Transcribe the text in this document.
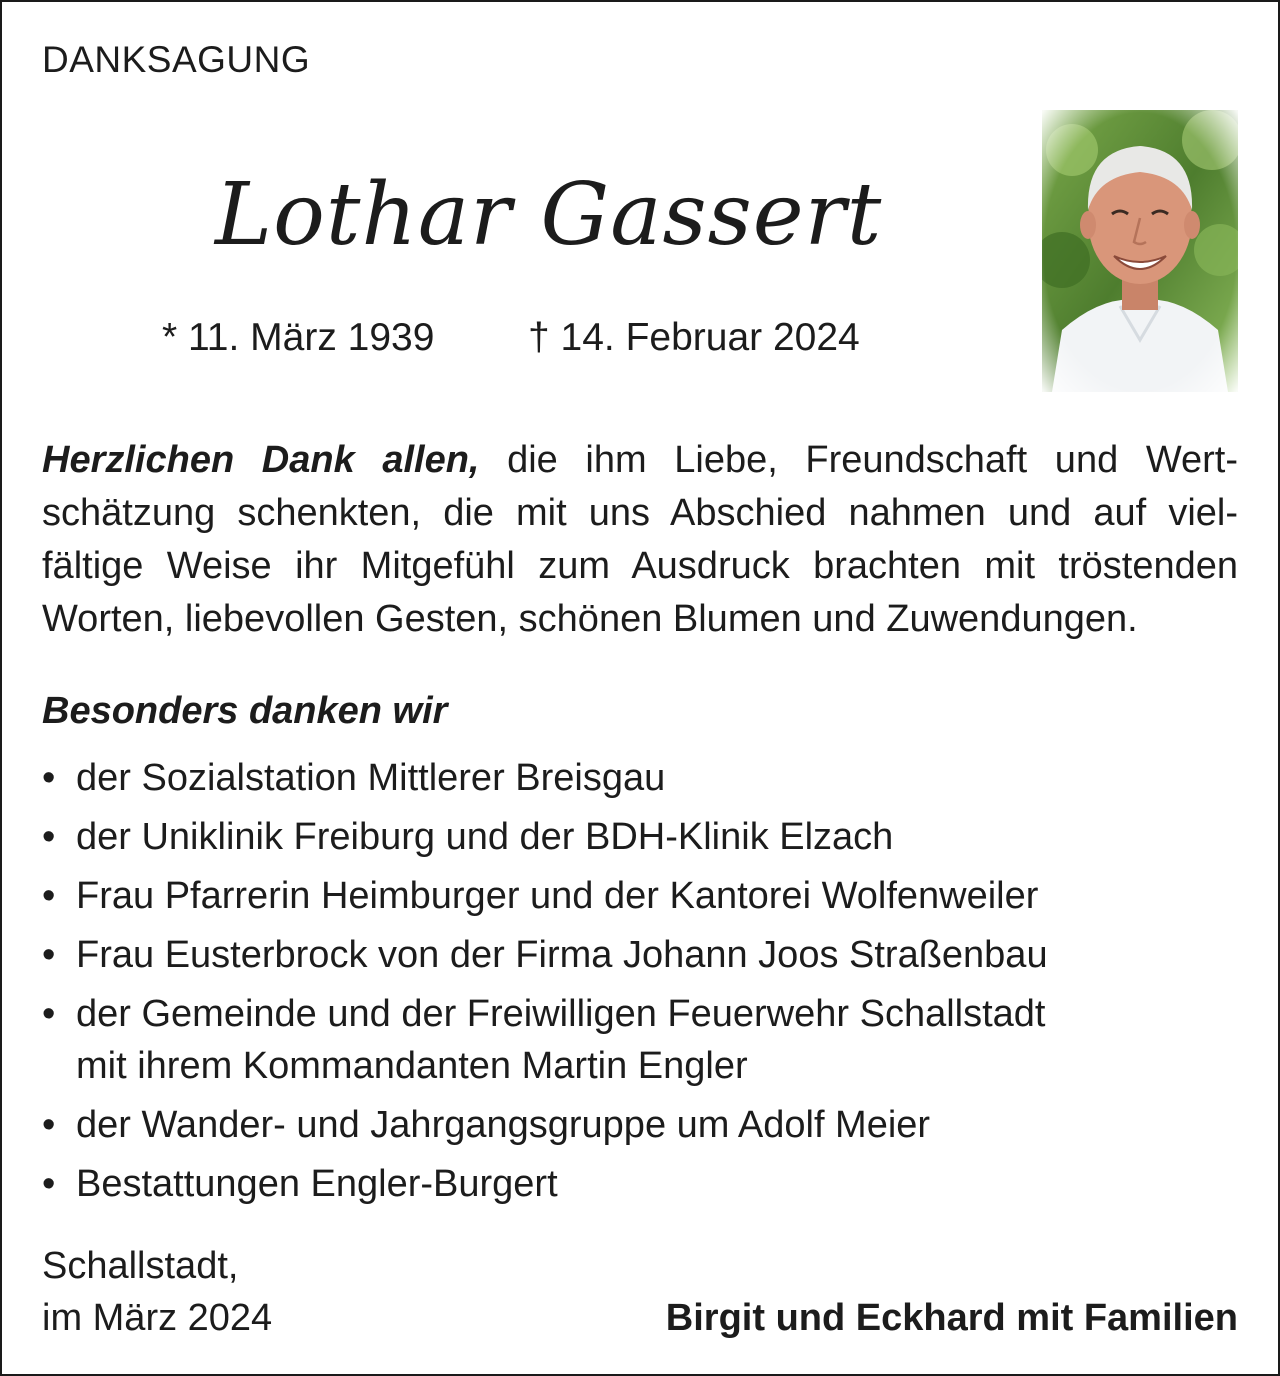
DANKSAGUNG
Lothar Gassert
* 11. März 1939 † 14. Februar 2024
Herzlichen Dank allen, die ihm Liebe, Freundschaft und Wert-
schätzung schenkten, die mit uns Abschied nahmen und auf viel-
fältige Weise ihr Mitgefühl zum Ausdruck brachten mit tröstenden
Worten, liebevollen Gesten, schönen Blumen und Zuwendungen.
Besonders danken wir
• der Sozialstation Mittlerer Breisgau
• der Uniklinik Freiburg und der BDH-Klinik Elzach
• Frau Pfarrerin Heimburger und der Kantorei Wolfenweiler
• Frau Eusterbrock von der Firma Johann Joos Straßenbau
• der Gemeinde und der Freiwilligen Feuerwehr Schallstadt
mit ihrem Kommandanten Martin Engler
• der Wander- und Jahrgangsgruppe um Adolf Meier
• Bestattungen Engler-Burgert
Schallstadt,
im März 2024	Birgit und Eckhard mit Familien
